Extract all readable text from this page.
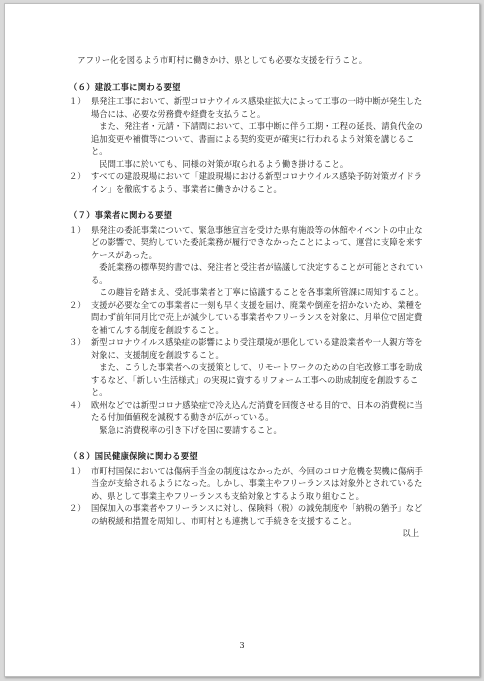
アフリー化を図るよう市町村に働きかけ、県としても必要な支援を行うこと。

（６）建設工事に関わる要望

１） 県発注工事において、新型コロナウイルス感染症拡大によって工事の一時中断が発生した場合には、必要な労務費や経費を支払うこと。

また、発注者・元請・下請間において、工事中断に伴う工期・工程の延長、請負代金の追加変更や補償等について、書面による契約変更が確実に行われるよう対策を講じること。

民間工事に於いても、同様の対策が取られるよう働き掛けること。

２） すべての建設現場において「建設現場における新型コロナウイルス感染予防対策ガイドライン」を徹底するよう、事業者に働きかけること。

（７）事業者に関わる要望

１） 県発注の委託事業について、緊急事態宣言を受けた県有施設等の休館やイベントの中止などの影響で、契約していた委託業務が履行できなかったことによって、運営に支障を来すケースがあった。

委託業務の標準契約書では、発注者と受注者が協議して決定することが可能とされている。

この趣旨を踏まえ、受託事業者と丁寧に協議することを各事業所管課に周知すること。

２） 支援が必要な全ての事業者に一刻も早く支援を届け、廃業や倒産を招かないため、業種を問わず前年同月比で売上が減少している事業者やフリーランスを対象に、月単位で固定費を補てんする制度を創設すること。
３） 新型コロナウイルス感染症の影響により受注環境が悪化している建設業者や一人親方等を対象に、支援制度を創設すること。

また、こうした事業者への支援策として、リモートワークのための自宅改修工事を助成するなど、「新しい生活様式」の実現に資するリフォーム工事への助成制度を創設すること。

４） 欧州などでは新型コロナ感染症で冷え込んだ消費を回復させる目的で、日本の消費税に当たる付加価値税を減税する動きが広がっている。

緊急に消費税率の引き下げを国に要請すること。

（８）国民健康保険に関わる要望

１） 市町村国保においては傷病手当金の制度はなかったが、今回のコロナ危機を契機に傷病手当金が支給されるようになった。しかし、事業主やフリーランスは対象外とされているため、県として事業主やフリーランスも支給対象とするよう取り組むこと。
２） 国保加入の事業者やフリーランスに対し、保険料（税）の減免制度や「納税の猶予」などの納税緩和措置を周知し、市町村とも連携して手続きを支援すること。

以上

3
